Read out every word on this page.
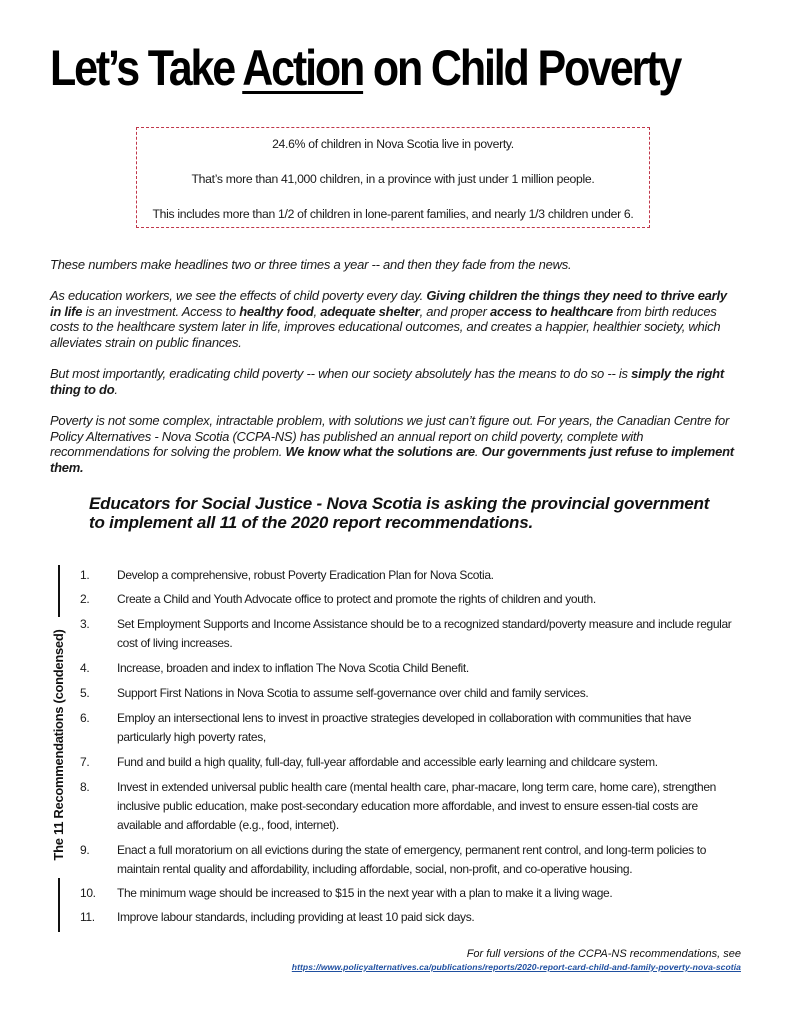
Let’s Take Action on Child Poverty

24.6% of children in Nova Scotia live in poverty.

That’s more than 41,000 children, in a province with just under 1 million people.

This includes more than 1/2 of children in lone-parent families, and nearly 1/3 children under 6.

These numbers make headlines two or three times a year -- and then they fade from the news.
As education workers, we see the effects of child poverty every day. Giving children the things they need to thrive early in life is an investment. Access to healthy food, adequate shelter, and proper access to healthcare from birth reduces costs to the healthcare system later in life, improves educational outcomes, and creates a happier, healthier society, which alleviates strain on public finances.
But most importantly, eradicating child poverty -- when our society absolutely has the means to do so -- is simply the right thing to do.
Poverty is not some complex, intractable problem, with solutions we just can’t figure out. For years, the Canadian Centre for Policy Alternatives - Nova Scotia (CCPA-NS) has published an annual report on child poverty, complete with recommendations for solving the problem. We know what the solutions are. Our governments just refuse to implement them.
Educators for Social Justice - Nova Scotia is asking the provincial government to implement all 11 of the 2020 report recommendations.
The 11 Recommendations (condensed)
1.	Develop a comprehensive, robust Poverty Eradication Plan for Nova Scotia.
2.	Create a Child and Youth Advocate office to protect and promote the rights of children and youth.
3.	Set Employment Supports and Income Assistance should be to a recognized standard/poverty measure and include regular cost of living increases.
4.	Increase, broaden and index to inflation The Nova Scotia Child Benefit.
5.	Support First Nations in Nova Scotia to assume self-governance over child and family services.
6.	Employ an intersectional lens to invest in proactive strategies developed in collaboration with communities that have particularly high poverty rates,
7.	Fund and build a high quality, full-day, full-year affordable and accessible early learning and childcare system.
8.	Invest in extended universal public health care (mental health care, phar-macare, long term care, home care), strengthen inclusive public education, make post-secondary education more affordable, and invest to ensure essen-tial costs are available and affordable (e.g., food, internet).
9.	Enact a full moratorium on all evictions during the state of emergency, permanent rent control, and long-term policies to maintain rental quality and affordability, including affordable, social, non-profit, and co-operative housing.
10.	The minimum wage should be increased to $15 in the next year with a plan to make it a living wage.
11.	Improve labour standards, including providing at least 10 paid sick days.
For full versions of the CCPA-NS recommendations, see
https://www.policyalternatives.ca/publications/reports/2020-report-card-child-and-family-poverty-nova-scotia
